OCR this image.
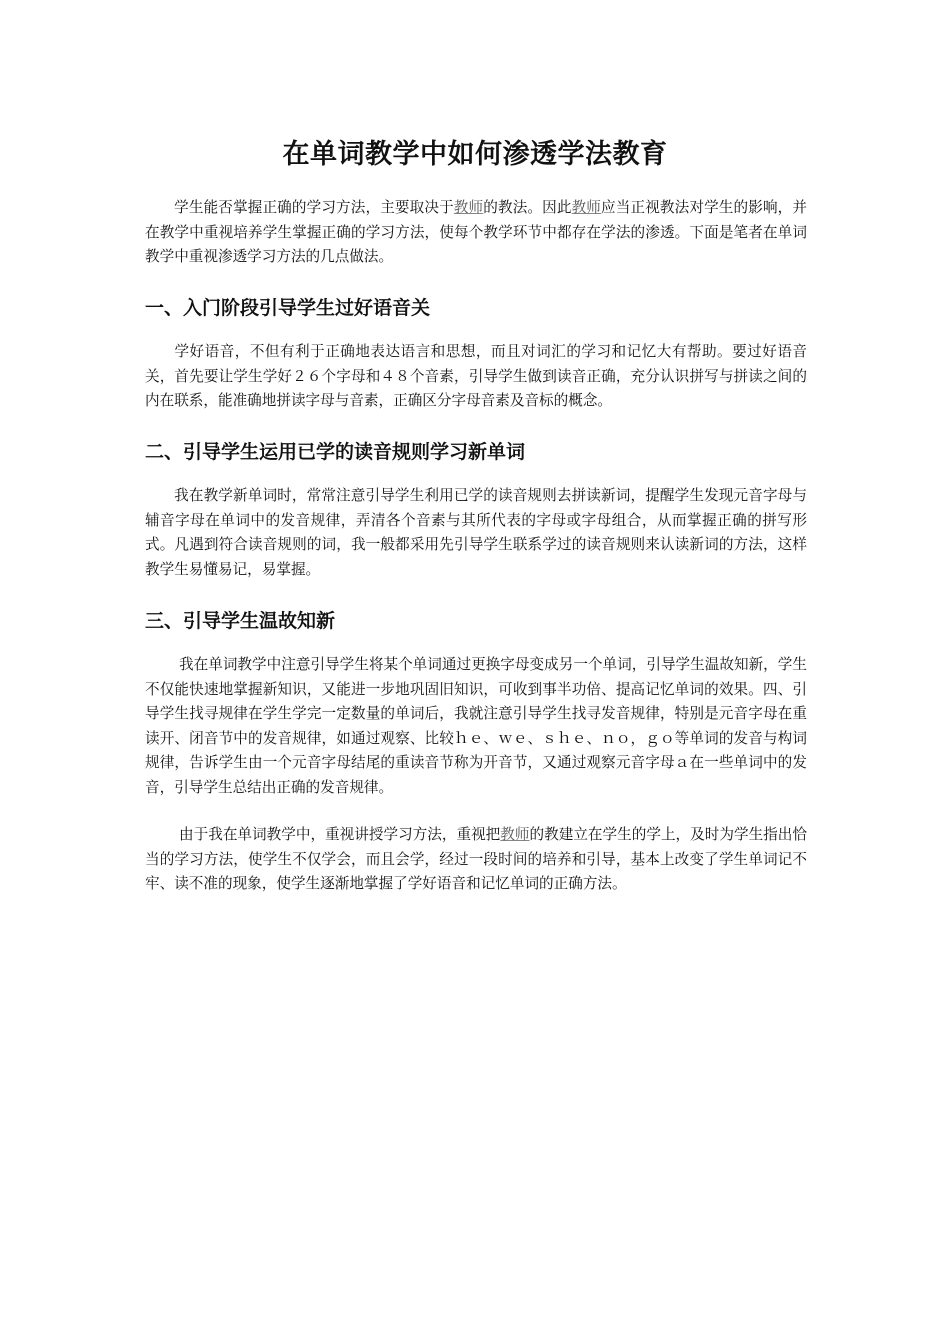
在单词教学中如何渗透学法教育

学生能否掌握正确的学习方法，主要取决于教师的教法。因此教师应当正视教法对学生的影响，并在教学中重视培养学生掌握正确的学习方法，使每个教学环节中都存在学法的渗透。下面是笔者在单词教学中重视渗透学习方法的几点做法。

一、入门阶段引导学生过好语音关

学好语音，不但有利于正确地表达语言和思想，而且对词汇的学习和记忆大有帮助。要过好语音关，首先要让学生学好２６个字母和４８个音素，引导学生做到读音正确，充分认识拼写与拼读之间的内在联系，能准确地拼读字母与音素，正确区分字母音素及音标的概念。

二、引导学生运用已学的读音规则学习新单词

我在教学新单词时，常常注意引导学生利用已学的读音规则去拼读新词，提醒学生发现元音字母与辅音字母在单词中的发音规律，弄清各个音素与其所代表的字母或字母组合，从而掌握正确的拼写形式。凡遇到符合读音规则的词，我一般都采用先引导学生联系学过的读音规则来认读新词的方法，这样教学生易懂易记，易掌握。

三、引导学生温故知新

我在单词教学中注意引导学生将某个单词通过更换字母变成另一个单词，引导学生温故知新，学生不仅能快速地掌握新知识，又能进一步地巩固旧知识，可收到事半功倍、提高记忆单词的效果。四、引导学生找寻规律在学生学完一定数量的单词后，我就注意引导学生找寻发音规律，特别是元音字母在重读开、闭音节中的发音规律，如通过观察、比较ｈｅ、ｗｅ、ｓｈｅ、ｎｏ，ｇｏ等单词的发音与构词规律，告诉学生由一个元音字母结尾的重读音节称为开音节，又通过观察元音字母ａ在一些单词中的发音，引导学生总结出正确的发音规律。

由于我在单词教学中，重视讲授学习方法，重视把教师的教建立在学生的学上，及时为学生指出恰当的学习方法，使学生不仅学会，而且会学，经过一段时间的培养和引导，基本上改变了学生单词记不牢、读不准的现象，使学生逐渐地掌握了学好语音和记忆单词的正确方法。
